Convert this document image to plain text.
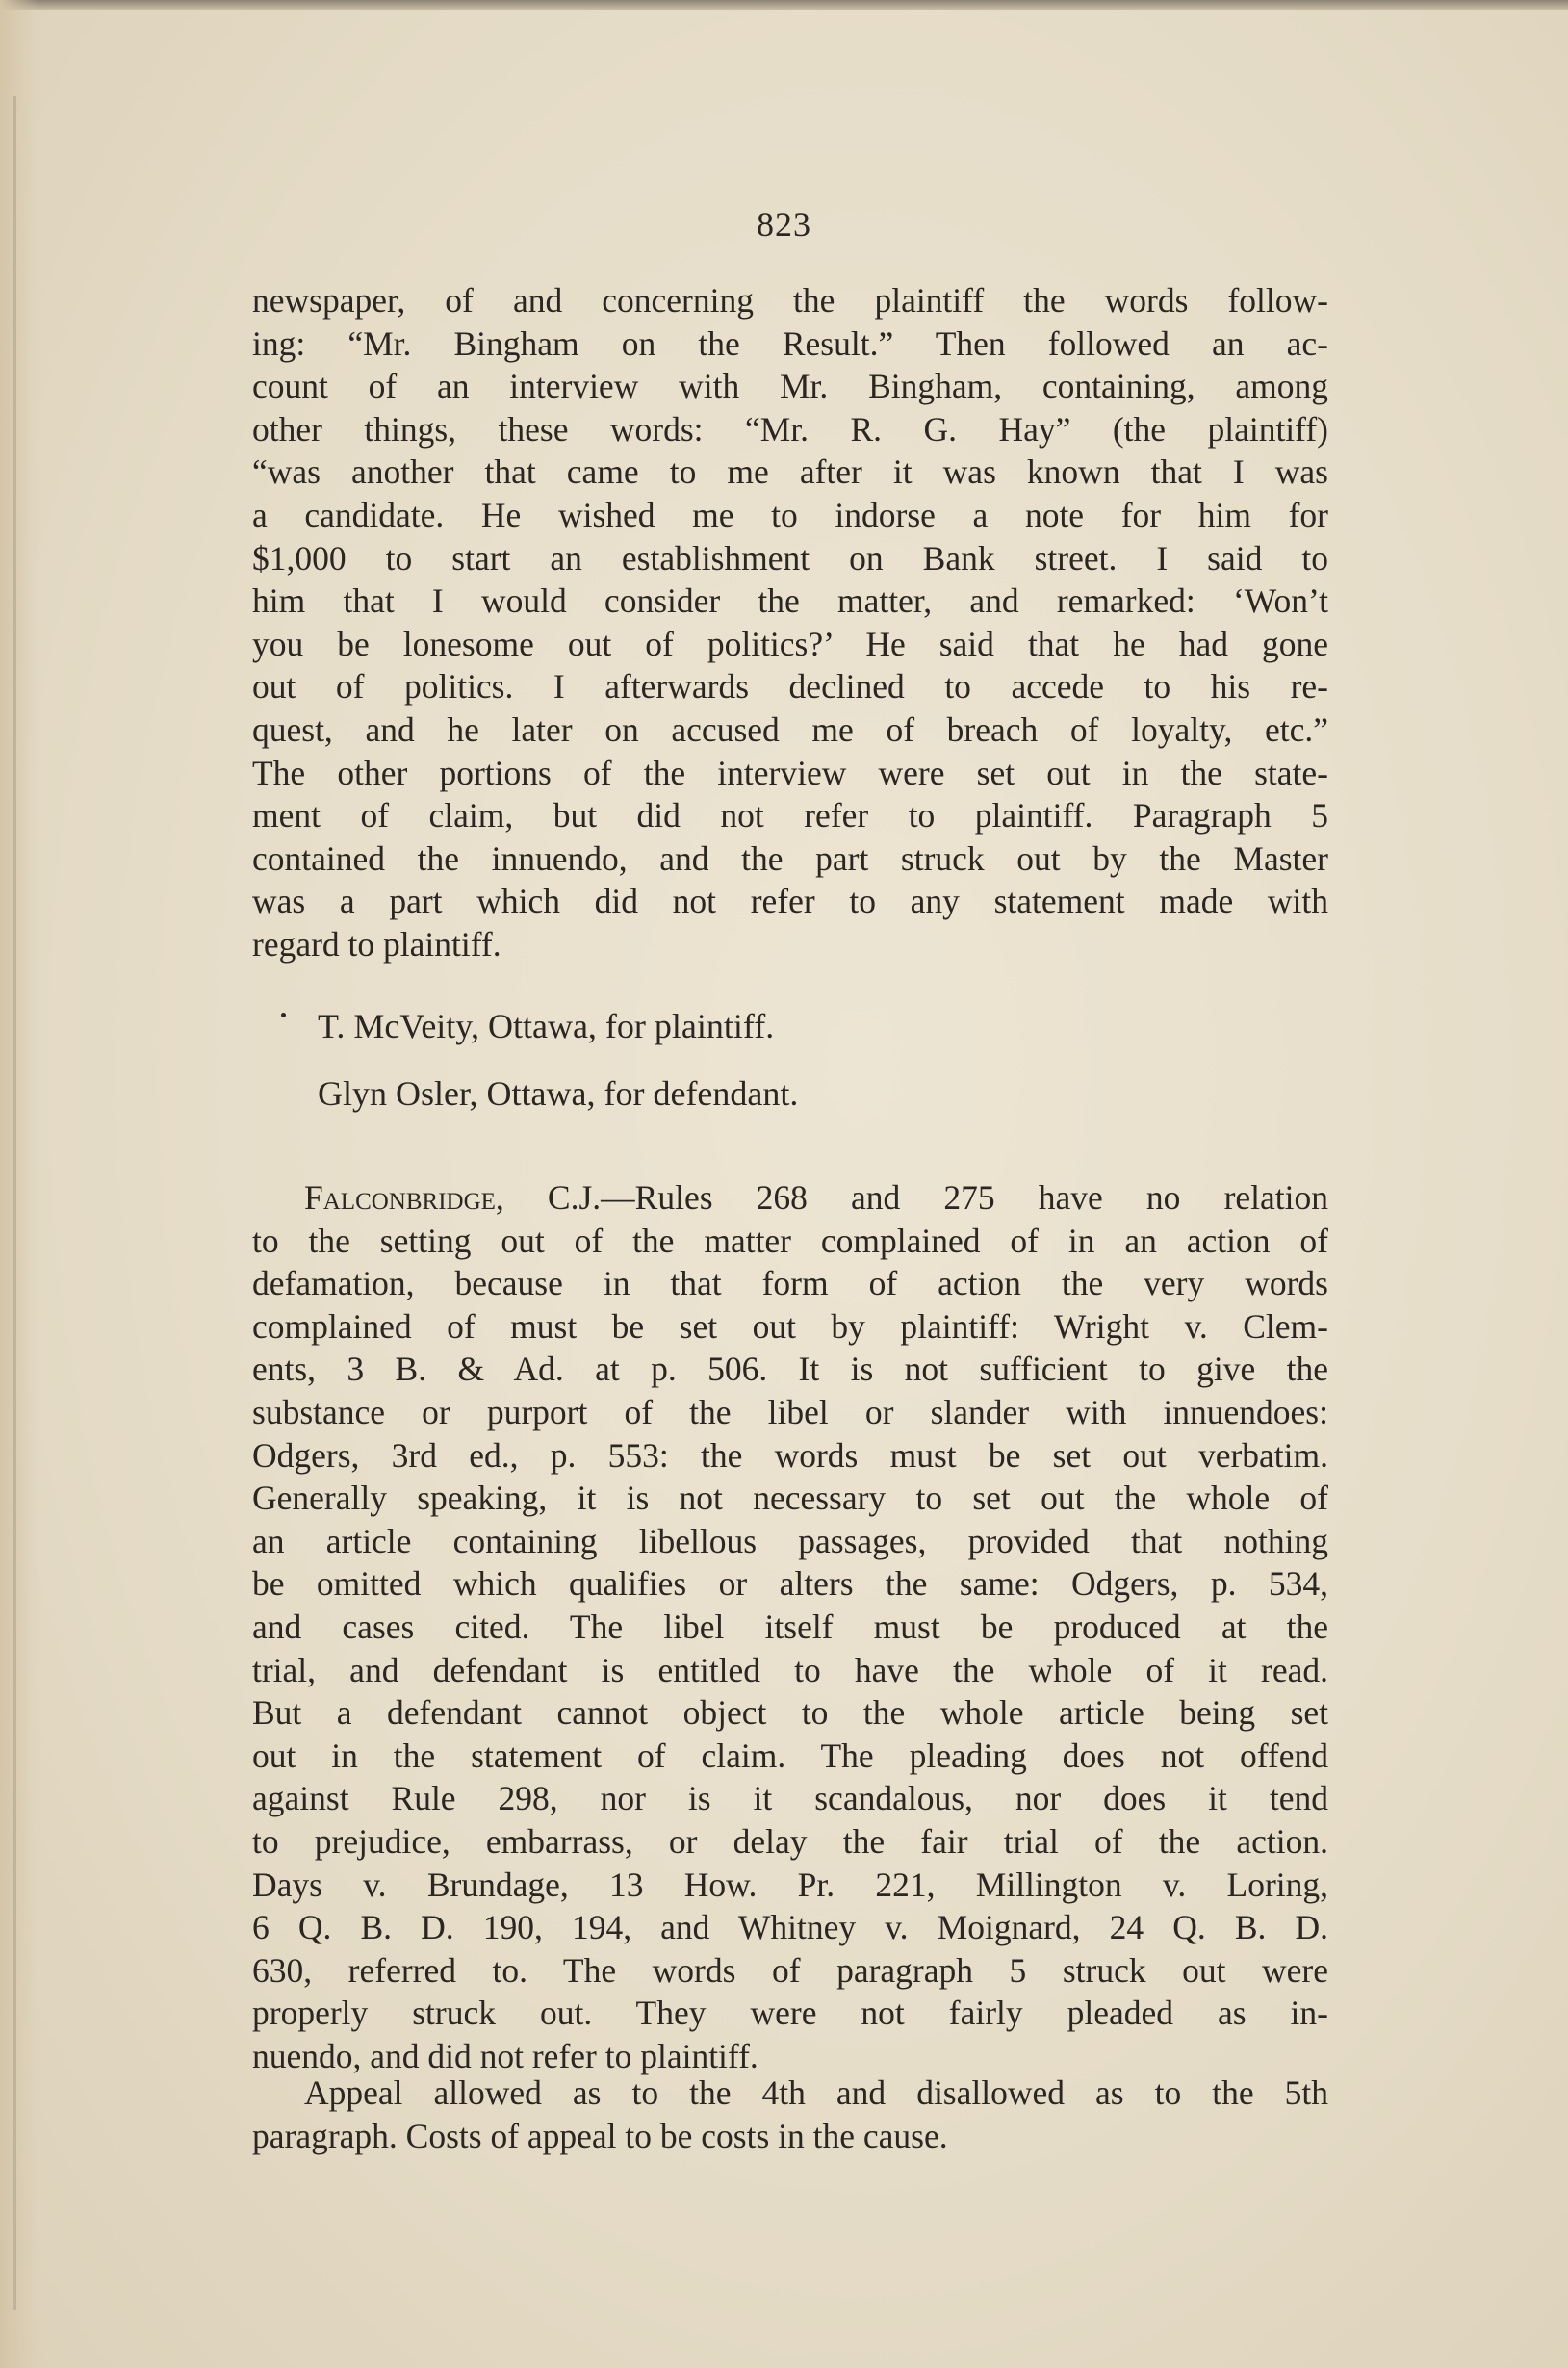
823
newspaper, of and concerning the plaintiff the words follow-
ing: “Mr. Bingham on the Result.” Then followed an ac-
count of an interview with Mr. Bingham, containing, among
other things, these words: “Mr. R. G. Hay” (the plaintiff)
“was another that came to me after it was known that I was
a candidate. He wished me to indorse a note for him for
$1,000 to start an establishment on Bank street. I said to
him that I would consider the matter, and remarked: ‘Won’t
you be lonesome out of politics?’ He said that he had gone
out of politics. I afterwards declined to accede to his re-
quest, and he later on accused me of breach of loyalty, etc.”
The other portions of the interview were set out in the state-
ment of claim, but did not refer to plaintiff. Paragraph 5
contained the innuendo, and the part struck out by the Master
was a part which did not refer to any statement made with
regard to plaintiff.
T. McVeity, Ottawa, for plaintiff.
Glyn Osler, Ottawa, for defendant.
Falconbridge, C.J.—Rules 268 and 275 have no relation
to the setting out of the matter complained of in an action of
defamation, because in that form of action the very words
complained of must be set out by plaintiff: Wright v. Clem-
ents, 3 B. & Ad. at p. 506. It is not sufficient to give the
substance or purport of the libel or slander with innuendoes:
Odgers, 3rd ed., p. 553: the words must be set out verbatim.
Generally speaking, it is not necessary to set out the whole of
an article containing libellous passages, provided that nothing
be omitted which qualifies or alters the same: Odgers, p. 534,
and cases cited. The libel itself must be produced at the
trial, and defendant is entitled to have the whole of it read.
But a defendant cannot object to the whole article being set
out in the statement of claim. The pleading does not offend
against Rule 298, nor is it scandalous, nor does it tend
to prejudice, embarrass, or delay the fair trial of the action.
Days v. Brundage, 13 How. Pr. 221, Millington v. Loring,
6 Q. B. D. 190, 194, and Whitney v. Moignard, 24 Q. B. D.
630, referred to. The words of paragraph 5 struck out were
properly struck out. They were not fairly pleaded as in-
nuendo, and did not refer to plaintiff.
Appeal allowed as to the 4th and disallowed as to the 5th
paragraph. Costs of appeal to be costs in the cause.
